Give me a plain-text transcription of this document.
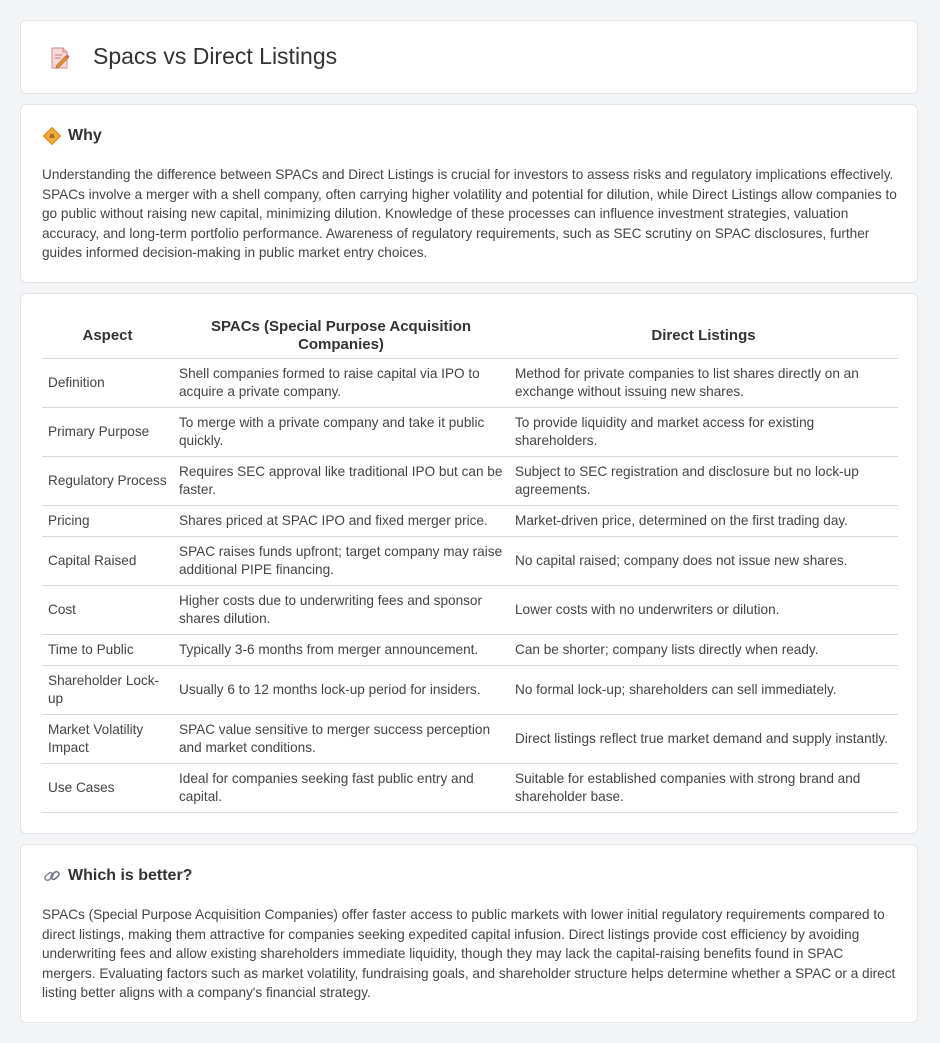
Spacs vs Direct Listings
Why

Understanding the difference between SPACs and Direct Listings is crucial for investors to assess risks and regulatory implications effectively. SPACs involve a merger with a shell company, often carrying higher volatility and potential for dilution, while Direct Listings allow companies to go public without raising new capital, minimizing dilution. Knowledge of these processes can influence investment strategies, valuation accuracy, and long-term portfolio performance. Awareness of regulatory requirements, such as SEC scrutiny on SPAC disclosures, further guides informed decision-making in public market entry choices.

Aspect	SPACs (Special Purpose Acquisition Companies)	Direct Listings
Definition	Shell companies formed to raise capital via IPO to acquire a private company.	Method for private companies to list shares directly on an exchange without issuing new shares.
Primary Purpose	To merge with a private company and take it public quickly.	To provide liquidity and market access for existing shareholders.
Regulatory Process	Requires SEC approval like traditional IPO but can be faster.	Subject to SEC registration and disclosure but no lock-up agreements.
Pricing	Shares priced at SPAC IPO and fixed merger price.	Market-driven price, determined on the first trading day.
Capital Raised	SPAC raises funds upfront; target company may raise additional PIPE financing.	No capital raised; company does not issue new shares.
Cost	Higher costs due to underwriting fees and sponsor shares dilution.	Lower costs with no underwriters or dilution.
Time to Public	Typically 3-6 months from merger announcement.	Can be shorter; company lists directly when ready.
Shareholder Lock-up	Usually 6 to 12 months lock-up period for insiders.	No formal lock-up; shareholders can sell immediately.
Market Volatility Impact	SPAC value sensitive to merger success perception and market conditions.	Direct listings reflect true market demand and supply instantly.
Use Cases	Ideal for companies seeking fast public entry and capital.	Suitable for established companies with strong brand and shareholder base.
Which is better?

SPACs (Special Purpose Acquisition Companies) offer faster access to public markets with lower initial regulatory requirements compared to direct listings, making them attractive for companies seeking expedited capital infusion. Direct listings provide cost efficiency by avoiding underwriting fees and allow existing shareholders immediate liquidity, though they may lack the capital-raising benefits found in SPAC mergers. Evaluating factors such as market volatility, fundraising goals, and shareholder structure helps determine whether a SPAC or a direct listing better aligns with a company's financial strategy.
